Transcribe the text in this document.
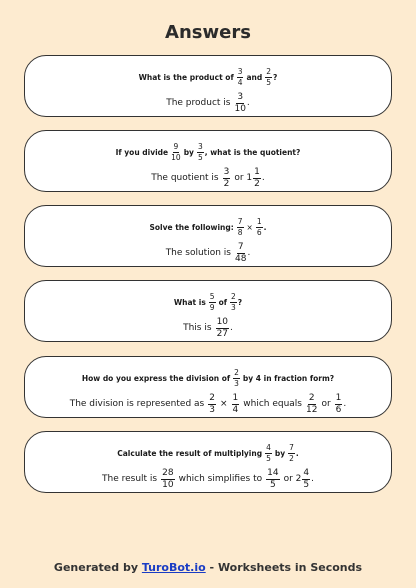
Answers
What is the product of $\frac{3}{4}$ and $\frac{2}{5}$ ?
The product is $\frac{3}{10}$ .
If you divide $\frac{9}{10}$ by $\frac{3}{5}$ , what is the quotient?
The quotient is $\frac{3}{2}$ or $1 \frac{1}{2}$ .
Solve the following: $\frac{7}{8} \times \frac{1}{6}$ .
The solution is $\frac{7}{48}$ .
What is $\frac{5}{9}$ of $\frac{2}{3}$ ?
This is $\frac{10}{27}$ .
How do you express the division of $\frac{2}{3}$ by 4 in fraction form?
The division is represented as $\frac{2}{3} \times \frac{1}{4}$ which equals $\frac{2}{12}$ or $\frac{1}{6}$ .
Calculate the result of multiplying $\frac{4}{5}$ by $\frac{7}{2}$ .
The result is $\frac{28}{10}$ which simplifies to $\frac{14}{5}$ or $2 \frac{4}{5}$ .
Generated by TuroBot.io - Worksheets in Seconds
